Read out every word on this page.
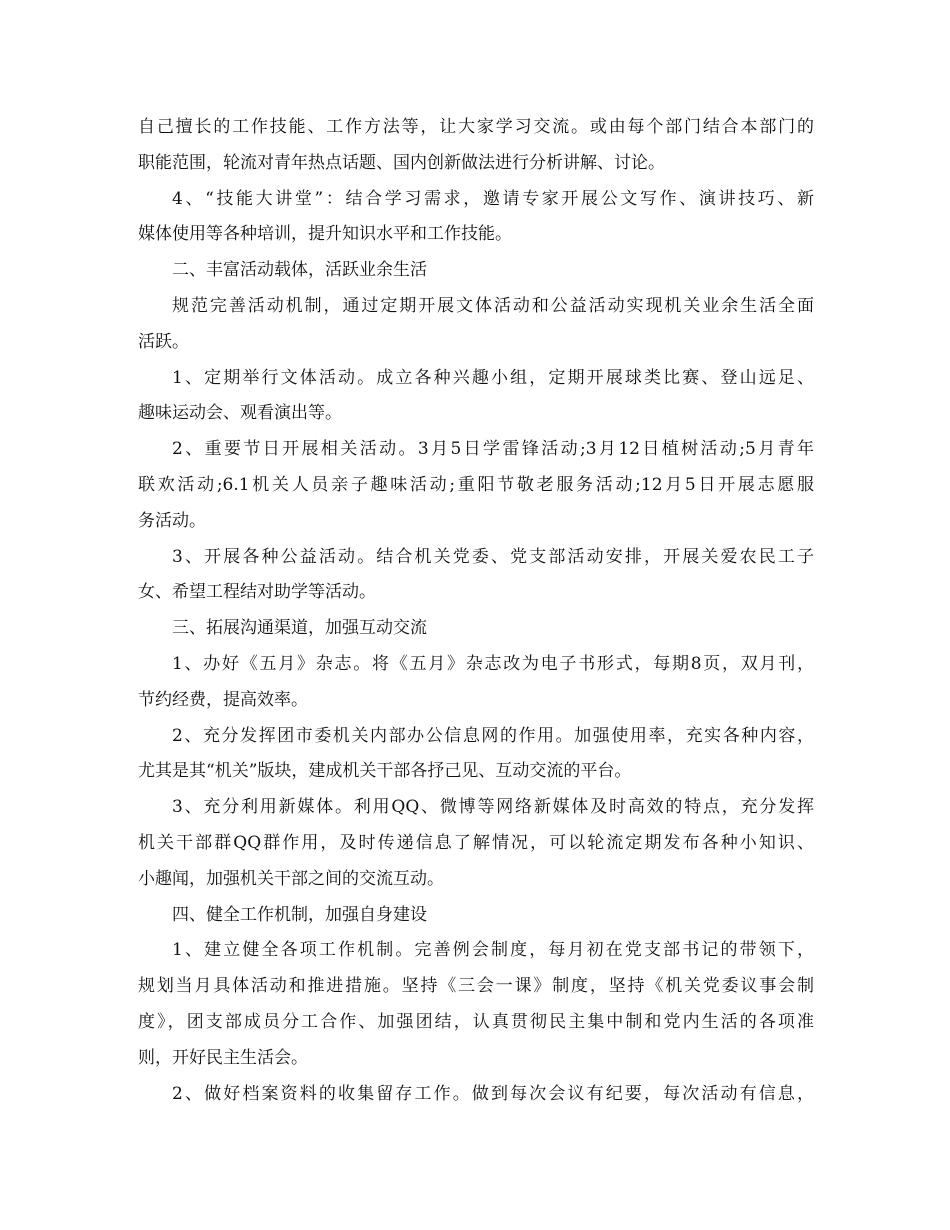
自己擅长的工作技能、工作方法等，让大家学习交流。或由每个部门结合本部门的
职能范围，轮流对青年热点话题、国内创新做法进行分析讲解、讨论。
4、“技能大讲堂”：结合学习需求，邀请专家开展公文写作、演讲技巧、新
媒体使用等各种培训，提升知识水平和工作技能。
二、丰富活动载体，活跃业余生活
规范完善活动机制，通过定期开展文体活动和公益活动实现机关业余生活全面
活跃。
1、定期举行文体活动。成立各种兴趣小组，定期开展球类比赛、登山远足、
趣味运动会、观看演出等。
2、重要节日开展相关活动。3月5日学雷锋活动;3月12日植树活动;5月青年
联欢活动;6.1机关人员亲子趣味活动;重阳节敬老服务活动;12月5日开展志愿服
务活动。
3、开展各种公益活动。结合机关党委、党支部活动安排，开展关爱农民工子
女、希望工程结对助学等活动。
三、拓展沟通渠道，加强互动交流
1、办好《五月》杂志。将《五月》杂志改为电子书形式，每期8页，双月刊，
节约经费，提高效率。
2、充分发挥团市委机关内部办公信息网的作用。加强使用率，充实各种内容，
尤其是其“机关”版块，建成机关干部各抒己见、互动交流的平台。
3、充分利用新媒体。利用QQ、微博等网络新媒体及时高效的特点，充分发挥
机关干部群QQ群作用，及时传递信息了解情况，可以轮流定期发布各种小知识、
小趣闻，加强机关干部之间的交流互动。
四、健全工作机制，加强自身建设
1、建立健全各项工作机制。完善例会制度，每月初在党支部书记的带领下，
规划当月具体活动和推进措施。坚持《三会一课》制度，坚持《机关党委议事会制
度》，团支部成员分工合作、加强团结，认真贯彻民主集中制和党内生活的各项准
则，开好民主生活会。
2、做好档案资料的收集留存工作。做到每次会议有纪要，每次活动有信息，
